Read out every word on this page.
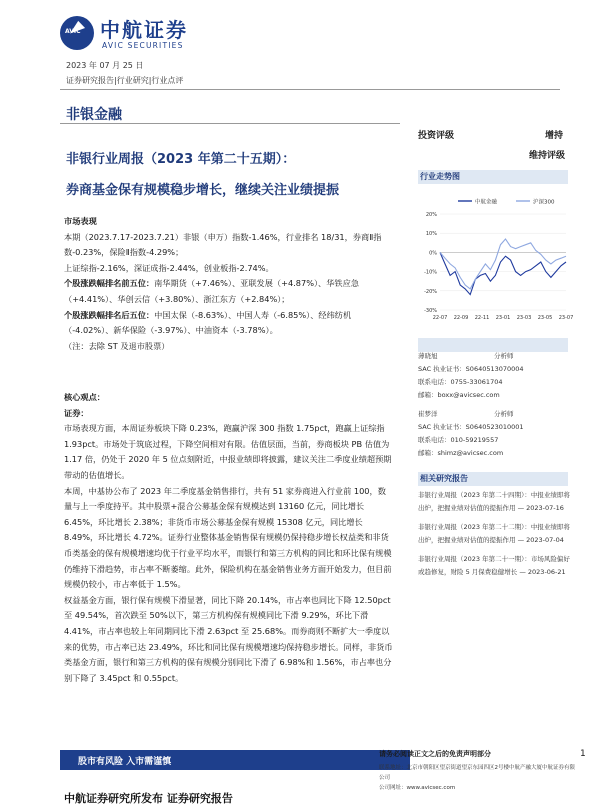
AVIC 中航证券
AVIC SECURITIES
2023 年 07 月 25 日
证券研究报告|行业研究|行业点评
非银金融
非银行业周报（2023 年第二十五期）：
券商基金保有规模稳步增长，继续关注业绩提振
投资评级	增持
维持评级
行业走势图
中航金融	沪深300
20%
10%
0%
-10%
-20%
-30%
22-07 22-09 22-11 23-01 23-03 23-05 23-07
薄晓旭	分析师
SAC 执业证书：S0640513070004
联系电话：0755-33061704
邮箱：boxx@avicsec.com
崔梦洋	分析师
SAC 执业证书：S0640523010001
联系电话：010-59219557
邮箱：shimz@avicsec.com
相关研究报告

非银行业周报（2023 年第二十四期）：中报业绩即将出炉，把握业绩对估值的提振作用 — 2023-07-16

非银行业周报（2023 年第二十二期）：中报业绩即将出炉，把握业绩对估值的提振作用 — 2023-07-04

非银行业周报（2023 年第二十一期）：市场风险偏好或趋修复，财险 5 月保费稳健增长 — 2023-06-21

市场表现

本期（2023.7.17-2023.7.21）非银（申万）指数-1.46%，行业排名 18/31，券商Ⅱ指数-0.23%，保险Ⅱ指数-4.29%；

上证综指-2.16%，深证成指-2.44%，创业板指-2.74%。

个股涨跌幅排名前五位：南华期货（+7.46%）、亚联发展（+4.87%）、华铁应急（+4.41%）、华创云信（+3.80%）、浙江东方（+2.84%）；

个股涨跌幅排名后五位：中国太保（-8.63%）、中国人寿（-6.85%）、经纬纺机（-4.02%）、新华保险（-3.97%）、中油资本（-3.78%）。

（注：去除 ST 及退市股票）

核心观点：

证券：

市场表现方面，本周证券板块下降 0.23%，跑赢沪深 300 指数 1.75pct，跑赢上证综指 1.93pct。市场处于筑底过程，下降空间相对有限。估值层面，当前，券商板块 PB 估值为 1.17 倍，仍处于 2020 年 5 位点刻附近，中报业绩即将披露，建议关注二季度业绩超预期带动的估值增长。

本周，中基协公布了 2023 年二季度基金销售排行，共有 51 家券商进入行业前 100，数量与上一季度持平。其中股票+混合公募基金保有规模达到 13160 亿元，同比增长 6.45%，环比增长 2.38%；非货币市场公募基金保有规模 15308 亿元，同比增长 8.49%，环比增长 4.72%。证券行业整体基金销售保有规模仍保持稳步增长权益类和非货币类基金的保有规模增速均优于行业平均水平，而银行和第三方机构的同比和环比保有规模仍维持下滑趋势，市占率不断萎缩。此外，保险机构在基金销售业务方面开始发力，但目前规模仍较小，市占率低于 1.5%。

权益基金方面，银行保有规模下滑显著，同比下降 20.14%，市占率也同比下降 12.50pct 至 49.54%，首次跌至 50%以下，第三方机构保有规模同比下滑 9.29%，环比下滑 4.41%，市占率也较上年同期同比下滑 2.63pct 至 25.68%。而券商则不断扩大一季度以来的优势，市占率已达 23.49%，环比和同比保有规模增速均保持稳步增长。同样，非货币类基金方面，银行和第三方机构的保有规模分别同比下滑了 6.98%和 1.56%，市占率也分别下降了 3.45pct 和 0.55pct。

股市有风险 入市需谨慎
请务必阅读正文之后的免责声明部分	1
联系地址：北京市朝阳区望京街道望京东园四区2号楼中航产融大厦中航证券有限公司
公司网址：www.avicsec.com
中航证券研究所发布 证券研究报告
